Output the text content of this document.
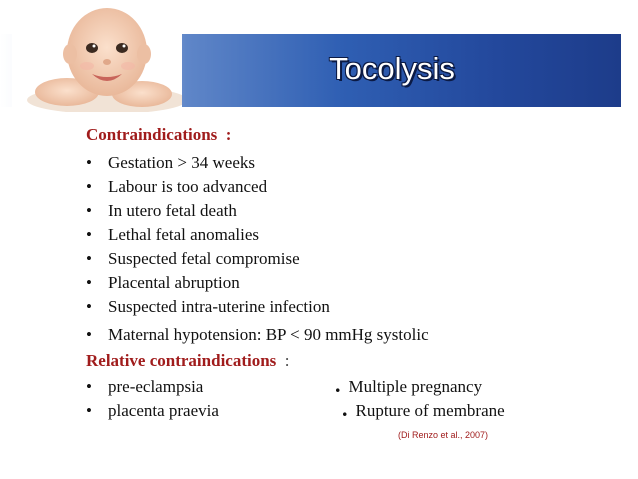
Tocolysis
Contraindications :
• Gestation > 34 weeks
• Labour is too advanced
• In utero fetal death
• Lethal fetal anomalies
• Suspected fetal compromise
• Placental abruption
• Suspected intra-uterine infection
• Maternal hypotension: BP < 90 mmHg systolic
Relative contraindications :
• pre-eclampsia
• placenta praevia
. Multiple pregnancy
. Rupture of membrane
(Di Renzo et al., 2007)
